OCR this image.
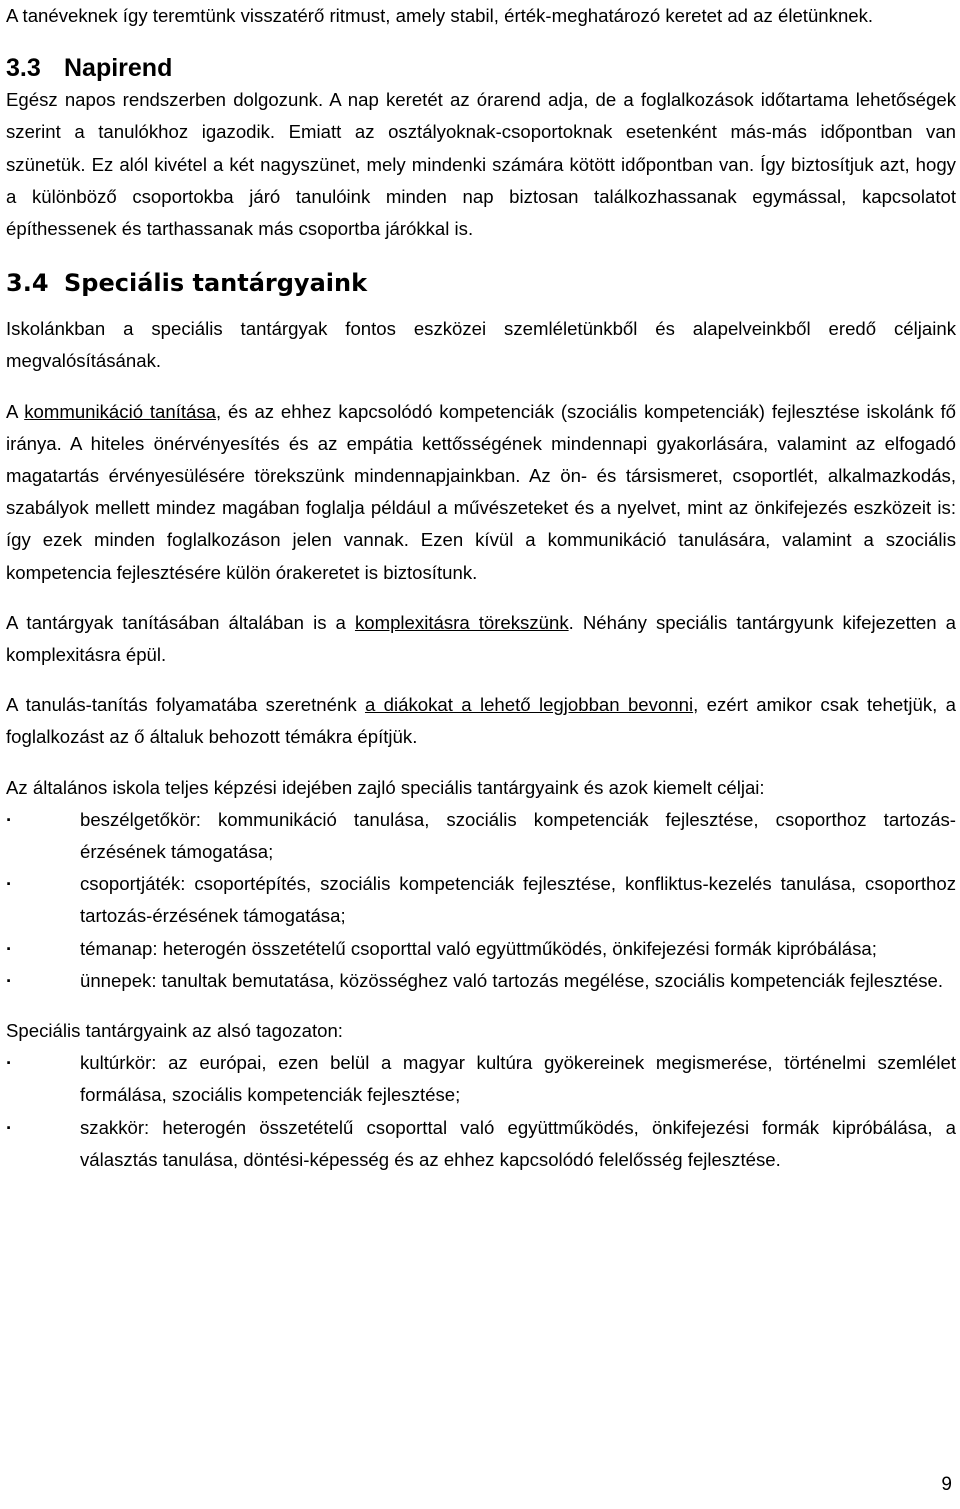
A tanéveknek így teremtünk visszatérő ritmust, amely stabil, érték-meghatározó keretet ad az életünknek.

3.3 Napirend

Egész napos rendszerben dolgozunk. A nap keretét az órarend adja, de a foglalkozások időtartama lehetőségek szerint a tanulókhoz igazodik. Emiatt az osztályoknak-csoportoknak esetenként más-más időpontban van szünetük. Ez alól kivétel a két nagyszünet, mely mindenki számára kötött időpontban van. Így biztosítjuk azt, hogy a különböző csoportokba járó tanulóink minden nap biztosan találkozhassanak egymással, kapcsolatot építhessenek és tarthassanak más csoportba járókkal is.

3.4 Speciális tantárgyaink

Iskolánkban a speciális tantárgyak fontos eszközei szemléletünkből és alapelveinkből eredő céljaink megvalósításának.

A kommunikáció tanítása, és az ehhez kapcsolódó kompetenciák (szociális kompetenciák) fejlesztése iskolánk fő iránya. A hiteles önérvényesítés és az empátia kettősségének mindennapi gyakorlására, valamint az elfogadó magatartás érvényesülésére törekszünk mindennapjainkban. Az ön- és társismeret, csoportlét, alkalmazkodás, szabályok mellett mindez magában foglalja például a művészeteket és a nyelvet, mint az önkifejezés eszközeit is: így ezek minden foglalkozáson jelen vannak. Ezen kívül a kommunikáció tanulására, valamint a szociális kompetencia fejlesztésére külön órakeretet is biztosítunk.

A tantárgyak tanításában általában is a komplexitásra törekszünk. Néhány speciális tantárgyunk kifejezetten a komplexitásra épül.

A tanulás-tanítás folyamatába szeretnénk a diákokat a lehető legjobban bevonni, ezért amikor csak tehetjük, a foglalkozást az ő általuk behozott témákra építjük.

Az általános iskola teljes képzési idejében zajló speciális tantárgyaink és azok kiemelt céljai:

·	beszélgetőkör: kommunikáció tanulása, szociális kompetenciák fejlesztése, csoporthoz tartozás-érzésének támogatása;
·	csoportjáték: csoportépítés, szociális kompetenciák fejlesztése, konfliktus-kezelés tanulása, csoporthoz tartozás-érzésének támogatása;
·	témanap: heterogén összetételű csoporttal való együttműködés, önkifejezési formák kipróbálása;
·	ünnepek: tanultak bemutatása, közösséghez való tartozás megélése, szociális kompetenciák fejlesztése.

Speciális tantárgyaink az alsó tagozaton:

·	kultúrkör: az európai, ezen belül a magyar kultúra gyökereinek megismerése, történelmi szemlélet formálása, szociális kompetenciák fejlesztése;
·	szakkör: heterogén összetételű csoporttal való együttműködés, önkifejezési formák kipróbálása, a választás tanulása, döntési-képesség és az ehhez kapcsolódó felelősség fejlesztése.
9
